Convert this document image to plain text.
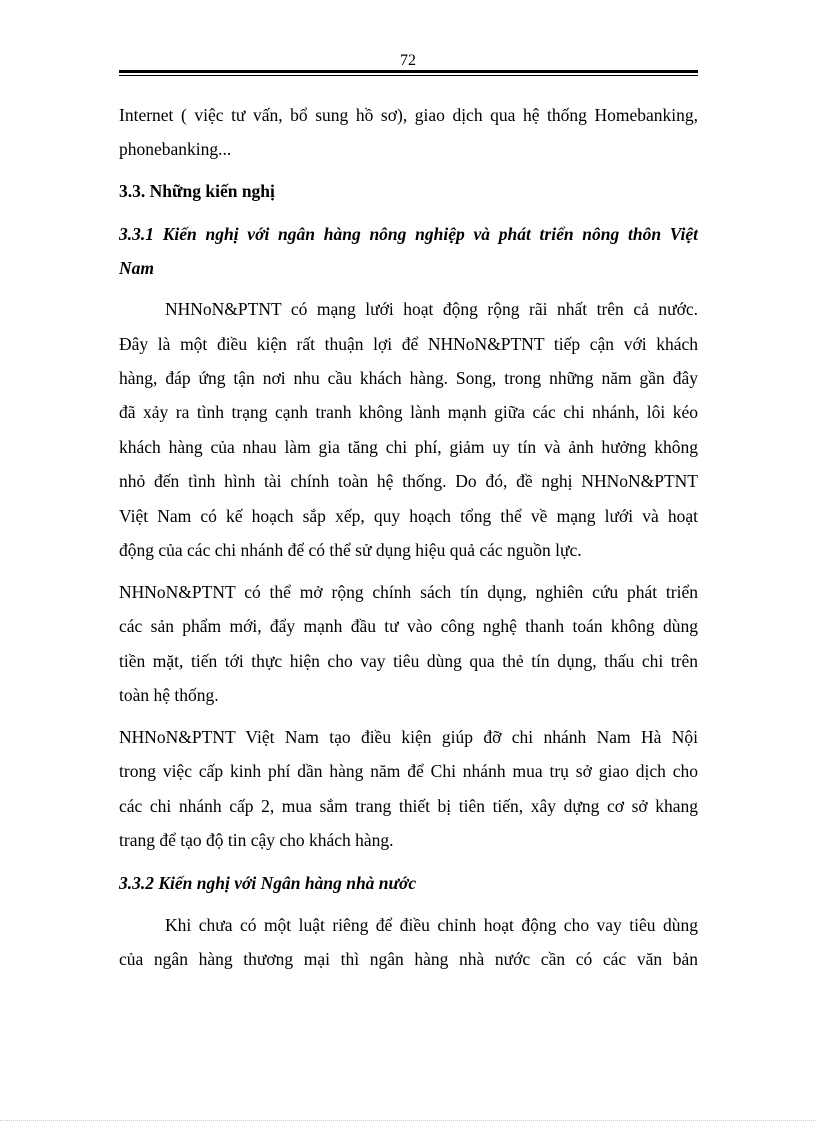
72
Internet ( việc tư vấn, bổ sung hồ sơ), giao dịch qua hệ thống Homebanking,
phonebanking...
3.3. Những kiến nghị
3.3.1 Kiến nghị với ngân hàng nông nghiệp và phát triển nông thôn Việt
Nam
NHNoN&PTNT có mạng lưới hoạt động rộng rãi nhất trên cả nước.
Đây là một điều kiện rất thuận lợi để NHNoN&PTNT tiếp cận với khách
hàng, đáp ứng tận nơi nhu cầu khách hàng. Song, trong những năm gần đây
đã xảy ra tình trạng cạnh tranh không lành mạnh giữa các chi nhánh, lôi kéo
khách hàng của nhau làm gia tăng chi phí, giảm uy tín và ảnh hưởng không
nhỏ đến tình hình tài chính toàn hệ thống. Do đó, đề nghị NHNoN&PTNT
Việt Nam có kế hoạch sắp xếp, quy hoạch tổng thể về mạng lưới và hoạt
động của các chi nhánh để có thể sử dụng hiệu quả các nguồn lực.
NHNoN&PTNT có thể mở rộng chính sách tín dụng, nghiên cứu phát triển
các sản phẩm mới, đẩy mạnh đầu tư vào công nghệ thanh toán không dùng
tiền mặt, tiến tới thực hiện cho vay tiêu dùng qua thẻ tín dụng, thấu chi trên
toàn hệ thống.
NHNoN&PTNT Việt Nam tạo điều kiện giúp đỡ chi nhánh Nam Hà Nội
trong việc cấp kinh phí dần hàng năm để Chi nhánh mua trụ sở giao dịch cho
các chi nhánh cấp 2, mua sắm trang thiết bị tiên tiến, xây dựng cơ sở khang
trang để tạo độ tin cậy cho khách hàng.
3.3.2 Kiến nghị với Ngân hàng nhà nước
Khi chưa có một luật riêng để điều chỉnh hoạt động cho vay tiêu dùng
của ngân hàng thương mại thì ngân hàng nhà nước cần có các văn bản
